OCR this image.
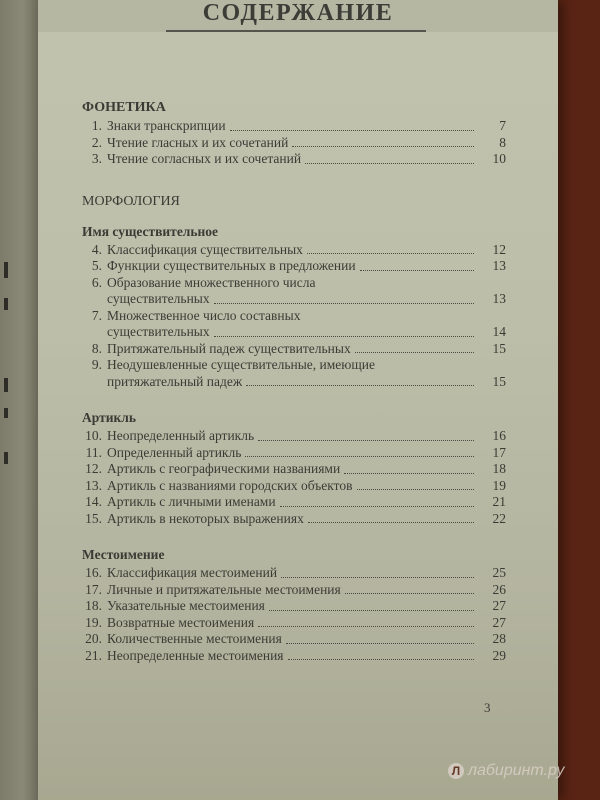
СОДЕРЖАНИЕ
ФОНЕТИКА
1. Знаки транскрипции	7
2. Чтение гласных и их сочетаний	8
3. Чтение согласных и их сочетаний	10
МОРФОЛОГИЯ
Имя существительное
4. Классификация существительных	12
5. Функции существительных в предложении	13
6. Образование множественного числа
существительных	13
7. Множественное число составных
существительных	14
8. Притяжательный падеж существительных	15
9. Неодушевленные существительные, имеющие
притяжательный падеж	15
Артикль
10. Неопределенный артикль	16
11. Определенный артикль	17
12. Артикль с географическими названиями	18
13. Артикль с названиями городских объектов	19
14. Артикль с личными именами	21
15. Артикль в некоторых выражениях	22
Местоимение
16. Классификация местоимений	25
17. Личные и притяжательные местоимения	26
18. Указательные местоимения	27
19. Возвратные местоимения	27
20. Количественные местоимения	28
21. Неопределенные местоимения	29
3
Л лабиринт.ру
